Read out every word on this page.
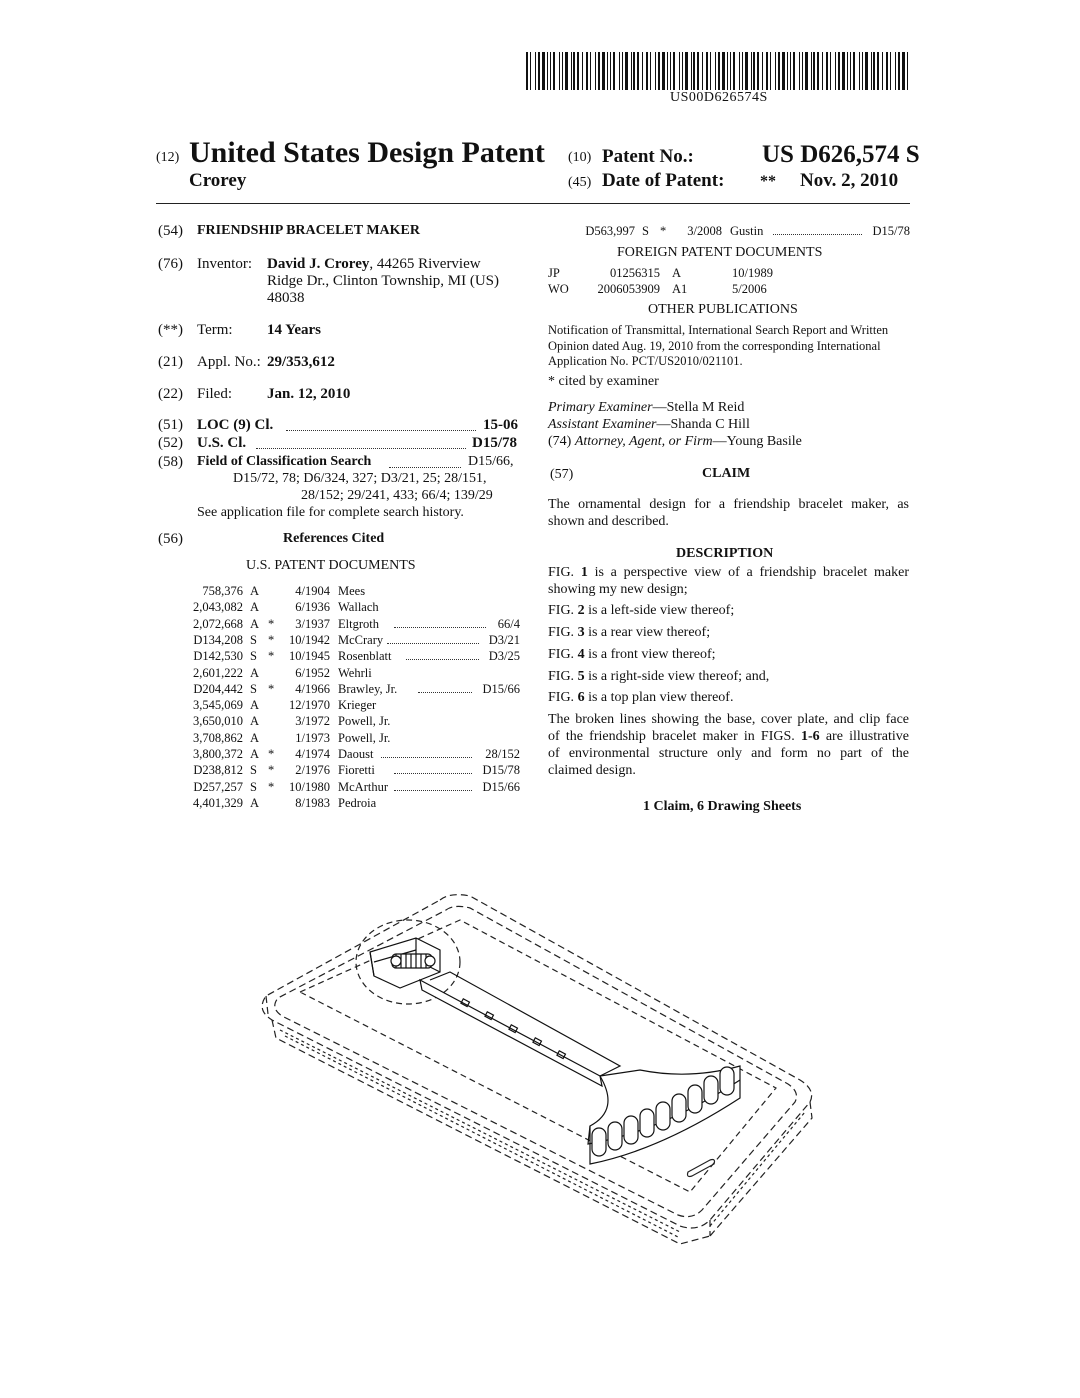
US00D626574S
(12) United States Design Patent
Crorey
(10) Patent No.:	US D626,574 S
(45) Date of Patent: ** Nov. 2, 2010
(54) FRIENDSHIP BRACELET MAKER
(76) Inventor: David J. Crorey, 44265 Riverview
Ridge Dr., Clinton Township, MI (US)
48038
(**) Term: 14 Years
(21) Appl. No.: 29/353,612
(22) Filed: Jan. 12, 2010
(51) LOC (9) Cl.	15-06
(52) U.S. Cl.	D15/78
(58) Field of Classification Search	D15/66,
D15/72, 78; D6/324, 327; D3/21, 25; 28/151,
28/152; 29/241, 433; 66/4; 139/29
See application file for complete search history.
(56)	References Cited
U.S. PATENT DOCUMENTS
758,376 A	4/1904 Mees
2,043,082 A	6/1936 Wallach
2,072,668 A *	3/1937 Eltgroth	66/4
D134,208 S * 10/1942 McCrary	D3/21
D142,530 S * 10/1945 Rosenblatt	D3/25
2,601,222 A	6/1952 Wehrli
D204,442 S *	4/1966 Brawley, Jr.	D15/66
3,545,069 A 12/1970 Krieger
3,650,010 A	3/1972 Powell, Jr.
3,708,862 A	1/1973 Powell, Jr.
3,800,372 A *	4/1974 Daoust	28/152
D238,812 S *	2/1976 Fioretti	D15/78
D257,257 S * 10/1980 McArthur	D15/66
4,401,329 A	8/1983 Pedroia
D563,997 S *	3/2008 Gustin	D15/78
FOREIGN PATENT DOCUMENTS
JP	01256315 A	10/1989
WO 2006053909 A1	5/2006
OTHER PUBLICATIONS
Notification of Transmittal, International Search Report and Written
Opinion dated Aug. 19, 2010 from the corresponding International
Application No. PCT/US2010/021101.
* cited by examiner
Primary Examiner—Stella M Reid
Assistant Examiner—Shanda C Hill
(74) Attorney, Agent, or Firm—Young Basile
(57)	CLAIM
The ornamental design for a friendship bracelet maker, as
shown and described.
DESCRIPTION
FIG. 1 is a perspective view of a friendship bracelet maker
showing my new design;
FIG. 2 is a left-side view thereof;
FIG. 3 is a rear view thereof;
FIG. 4 is a front view thereof;
FIG. 5 is a right-side view thereof; and,
FIG. 6 is a top plan view thereof.
The broken lines showing the base, cover plate, and clip face
of the friendship bracelet maker in FIGS. 1-6 are illustrative
of environmental structure only and form no part of the
claimed design.
1 Claim, 6 Drawing Sheets
